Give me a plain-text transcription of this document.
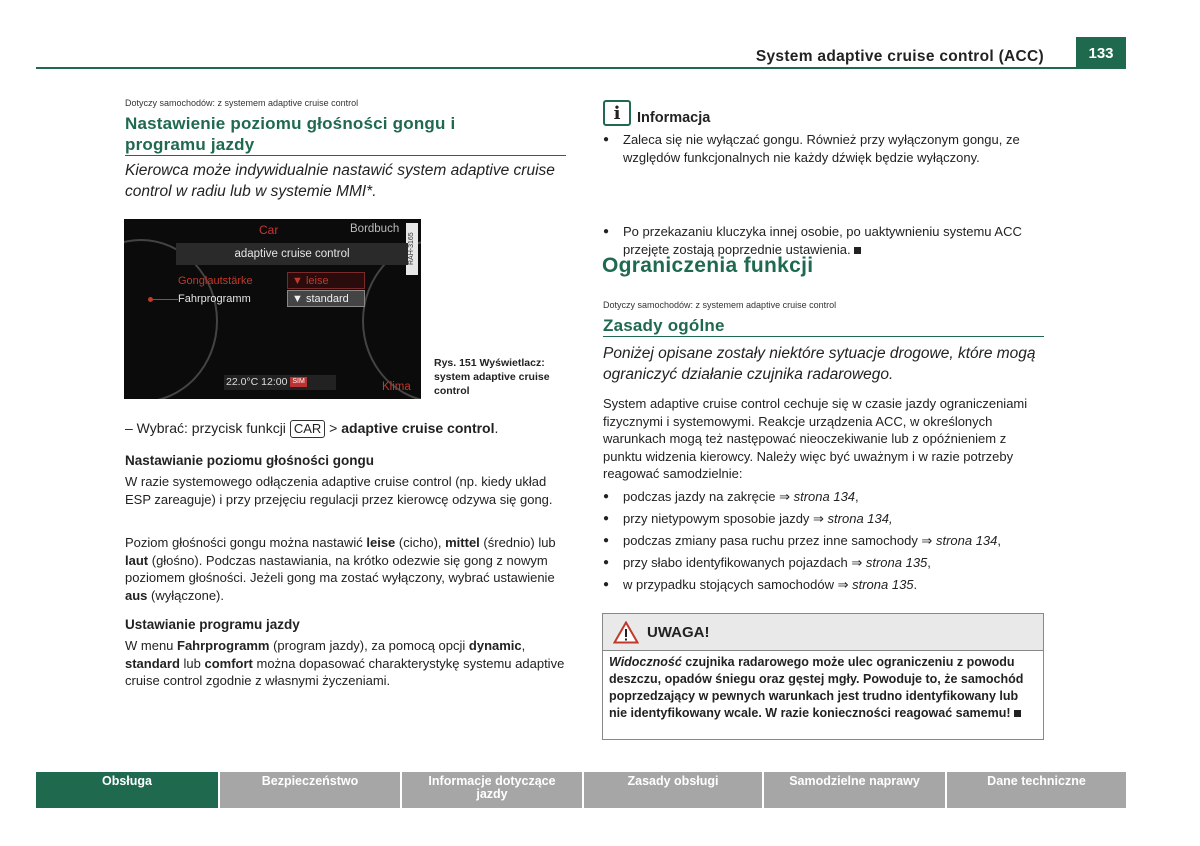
System adaptive cruise control (ACC)	133
Dotyczy samochodów: z systemem adaptive cruise control
Nastawienie poziomu głośności gongu i programu jazdy
Kierowca może indywidualnie nastawić system adaptive cruise control w radiu lub w systemie MMI*.
Car	Bordbuch
RAH-3165
adaptive cruise control
Gonglautstärke	▼ leise
Fahrprogramm	▼ standard
22.0°C 12:00 SIM	Klima
Rys. 151 Wyświetlacz: system adaptive cruise control
– Wybrać: przycisk funkcji CAR > adaptive cruise control.
Nastawianie poziomu głośności gongu

W razie systemowego odłączenia adaptive cruise control (np. kiedy układ ESP zareaguje) i przy przejęciu regulacji przez kierowcę odzywa się gong.

Poziom głośności gongu można nastawić leise (cicho), mittel (średnio) lub laut (głośno). Podczas nastawiania, na krótko odezwie się gong z nowym poziomem głośności. Jeżeli gong ma zostać wyłączony, wybrać ustawienie aus (wyłączone).

Ustawianie programu jazdy

W menu Fahrprogramm (program jazdy), za pomocą opcji dynamic, standard lub comfort można dopasować charakterystykę systemu adaptive cruise control zgodnie z własnymi życzeniami.

i	Informacja
● Zaleca się nie wyłączać gongu. Również przy wyłączonym gongu, ze względów funkcjonalnych nie każdy dźwięk będzie wyłączony.
● Po przekazaniu kluczyka innej osobie, po uaktywnieniu systemu ACC przejęte zostają poprzednie ustawienia.
Ograniczenia funkcji
Dotyczy samochodów: z systemem adaptive cruise control
Zasady ogólne
Poniżej opisane zostały niektóre sytuacje drogowe, które mogą ograniczyć działanie czujnika radarowego.

System adaptive cruise control cechuje się w czasie jazdy ograniczeniami fizycznymi i systemowymi. Reakcje urządzenia ACC, w określonych warunkach mogą też następować nieoczekiwanie lub z opóźnieniem z punktu widzenia kierowcy. Należy więc być uważnym i w razie potrzeby reagować samodzielnie:

● podczas jazdy na zakręcie ⇒ strona 134,
● przy nietypowym sposobie jazdy ⇒ strona 134,
● podczas zmiany pasa ruchu przez inne samochody ⇒ strona 134,
● przy słabo identyfikowanych pojazdach ⇒ strona 135,
● w przypadku stojących samochodów ⇒ strona 135.
UWAGA!
Widoczność czujnika radarowego może ulec ograniczeniu z powodu deszczu, opadów śniegu oraz gęstej mgły. Powoduje to, że samochód poprzedzający w pewnych warunkach jest trudno identyfikowany lub nie identyfikowany wcale. W razie konieczności reagować samemu!
Obsługa	Bezpieczeństwo	Informacje dotyczące jazdy
Zasady obsługi	Samodzielne naprawy	Dane techniczne
